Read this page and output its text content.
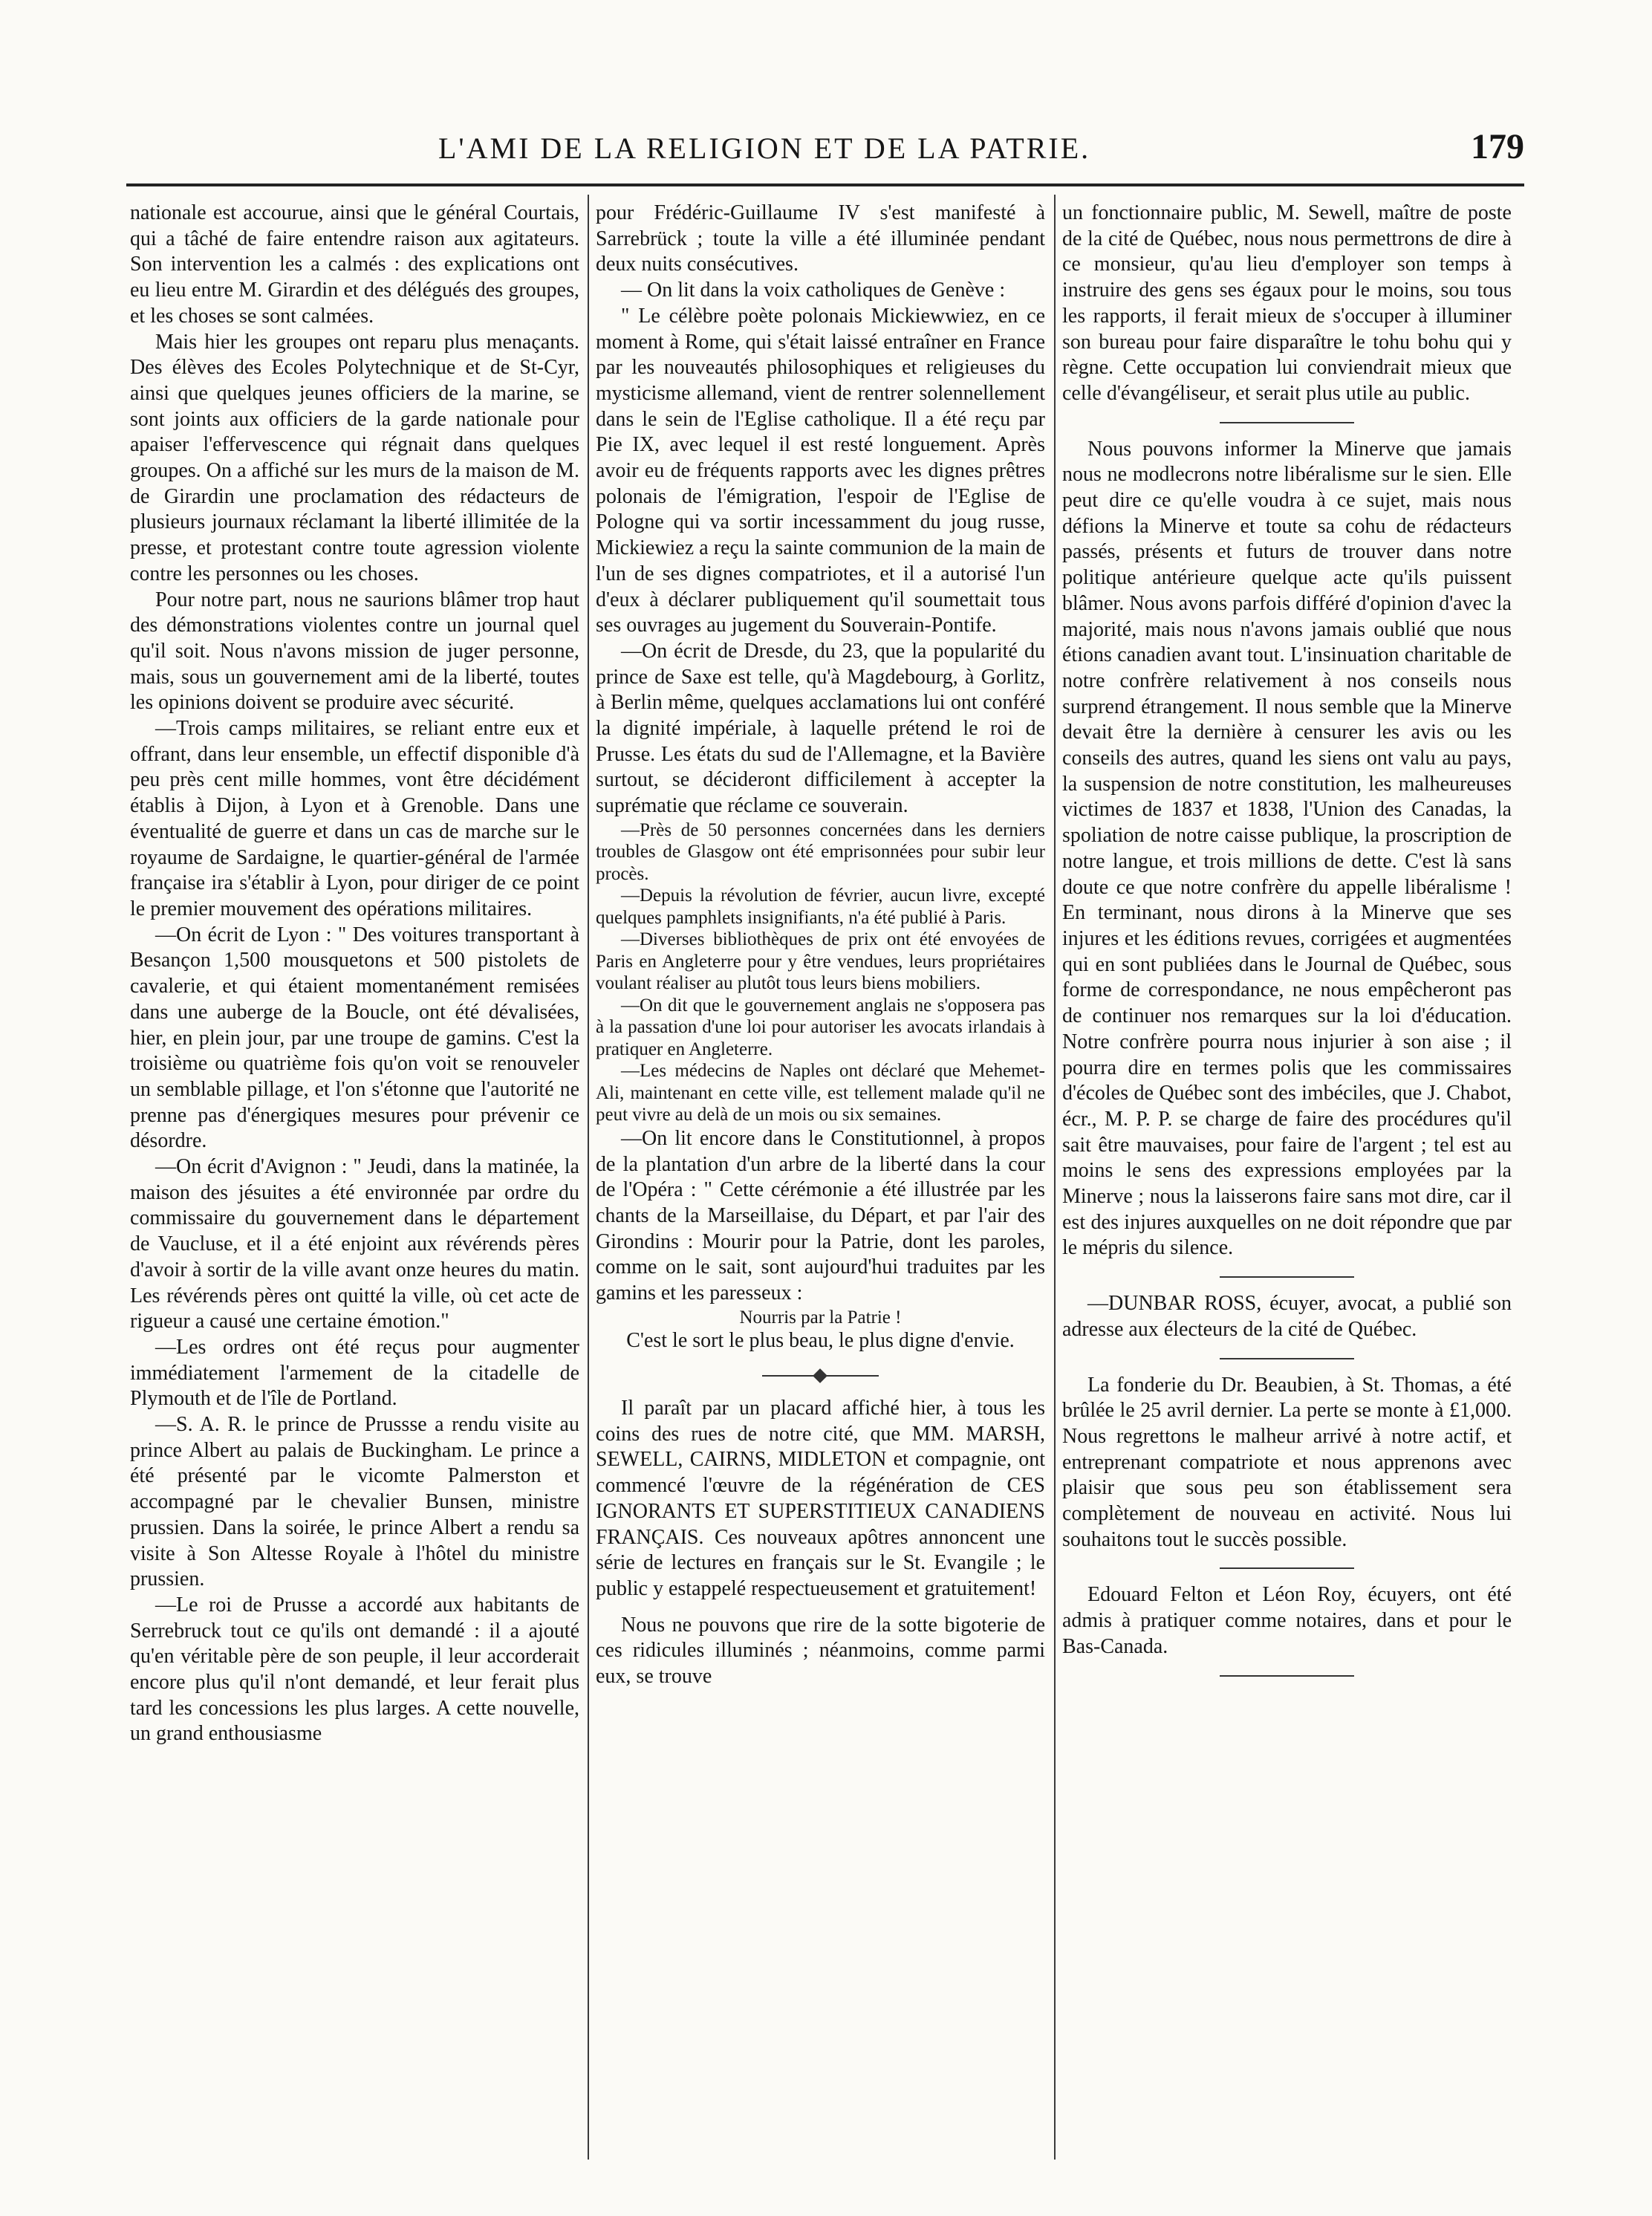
L'AMI DE LA RELIGION ET DE LA PATRIE.	179

nationale est accourue, ainsi que le général Courtais, qui a tâché de faire entendre raison aux agitateurs. Son intervention les a calmés : des explications ont eu lieu entre M. Girardin et des délégués des groupes, et les choses se sont calmées.

Mais hier les groupes ont reparu plus menaçants. Des élèves des Ecoles Polytechnique et de St-Cyr, ainsi que quelques jeunes officiers de la marine, se sont joints aux officiers de la garde nationale pour apaiser l'effervescence qui régnait dans quelques groupes. On a affiché sur les murs de la maison de M. de Girardin une proclamation des rédacteurs de plusieurs journaux réclamant la liberté illimitée de la presse, et protestant contre toute agression violente contre les personnes ou les choses.

Pour notre part, nous ne saurions blâmer trop haut des démonstrations violentes contre un journal quel qu'il soit. Nous n'avons mission de juger personne, mais, sous un gouvernement ami de la liberté, toutes les opinions doivent se produire avec sécurité.

—Trois camps militaires, se reliant entre eux et offrant, dans leur ensemble, un effectif disponible d'à peu près cent mille hommes, vont être décidément établis à Dijon, à Lyon et à Grenoble. Dans une éventualité de guerre et dans un cas de marche sur le royaume de Sardaigne, le quartier-général de l'armée française ira s'établir à Lyon, pour diriger de ce point le premier mouvement des opérations militaires.

—On écrit de Lyon : " Des voitures transportant à Besançon 1,500 mousquetons et 500 pistolets de cavalerie, et qui étaient momentanément remisées dans une auberge de la Boucle, ont été dévalisées, hier, en plein jour, par une troupe de gamins. C'est la troisième ou quatrième fois qu'on voit se renouveler un semblable pillage, et l'on s'étonne que l'autorité ne prenne pas d'énergiques mesures pour prévenir ce désordre.

—On écrit d'Avignon : " Jeudi, dans la matinée, la maison des jésuites a été environnée par ordre du commissaire du gouvernement dans le département de Vaucluse, et il a été enjoint aux révérends pères d'avoir à sortir de la ville avant onze heures du matin. Les révérends pères ont quitté la ville, où cet acte de rigueur a causé une certaine émotion."

—Les ordres ont été reçus pour augmenter immédiatement l'armement de la citadelle de Plymouth et de l'île de Portland.

—S. A. R. le prince de Prussse a rendu visite au prince Albert au palais de Buckingham. Le prince a été présenté par le vicomte Palmerston et accompagné par le chevalier Bunsen, ministre prussien. Dans la soirée, le prince Albert a rendu sa visite à Son Altesse Royale à l'hôtel du ministre prussien.

—Le roi de Prusse a accordé aux habitants de Serrebruck tout ce qu'ils ont demandé : il a ajouté qu'en véritable père de son peuple, il leur accorderait encore plus qu'il n'ont demandé, et leur ferait plus tard les concessions les plus larges. A cette nouvelle, un grand enthousiasme

pour Frédéric-Guillaume IV s'est manifesté à Sarrebrück ; toute la ville a été illuminée pendant deux nuits consécutives.

— On lit dans la voix catholiques de Genève :

" Le célèbre poète polonais Mickiewwiez, en ce moment à Rome, qui s'était laissé entraîner en France par les nouveautés philosophiques et religieuses du mysticisme allemand, vient de rentrer solennellement dans le sein de l'Eglise catholique. Il a été reçu par Pie IX, avec lequel il est resté longuement. Après avoir eu de fréquents rapports avec les dignes prêtres polonais de l'émigration, l'espoir de l'Eglise de Pologne qui va sortir incessamment du joug russe, Mickiewiez a reçu la sainte communion de la main de l'un de ses dignes compatriotes, et il a autorisé l'un d'eux à déclarer publiquement qu'il soumettait tous ses ouvrages au jugement du Souverain-Pontife.

—On écrit de Dresde, du 23, que la popularité du prince de Saxe est telle, qu'à Magdebourg, à Gorlitz, à Berlin même, quelques acclamations lui ont conféré la dignité impériale, à laquelle prétend le roi de Prusse. Les états du sud de l'Allemagne, et la Bavière surtout, se décideront difficilement à accepter la suprématie que réclame ce souverain.

—Près de 50 personnes concernées dans les derniers troubles de Glasgow ont été emprisonnées pour subir leur procès.

—Depuis la révolution de février, aucun livre, excepté quelques pamphlets insignifiants, n'a été publié à Paris.

—Diverses bibliothèques de prix ont été envoyées de Paris en Angleterre pour y être vendues, leurs propriétaires voulant réaliser au plutôt tous leurs biens mobiliers.

—On dit que le gouvernement anglais ne s'opposera pas à la passation d'une loi pour autoriser les avocats irlandais à pratiquer en Angleterre.

—Les médecins de Naples ont déclaré que Mehemet-Ali, maintenant en cette ville, est tellement malade qu'il ne peut vivre au delà de un mois ou six semaines.

—On lit encore dans le Constitutionnel, à propos de la plantation d'un arbre de la liberté dans la cour de l'Opéra : " Cette cérémonie a été illustrée par les chants de la Marseillaise, du Départ, et par l'air des Girondins : Mourir pour la Patrie, dont les paroles, comme on le sait, sont aujourd'hui traduites par les gamins et les paresseux :

Nourris par la Patrie !

C'est le sort le plus beau, le plus digne d'envie.

Il paraît par un placard affiché hier, à tous les coins des rues de notre cité, que MM. MARSH, SEWELL, CAIRNS, MIDLETON et compagnie, ont commencé l'œuvre de la régénération de CES IGNORANTS ET SUPERSTITIEUX CANADIENS FRANÇAIS. Ces nouveaux apôtres annoncent une série de lectures en français sur le St. Evangile ; le public y estappelé respectueusement et gratuitement!

Nous ne pouvons que rire de la sotte bigoterie de ces ridicules illuminés ; néanmoins, comme parmi eux, se trouve

un fonctionnaire public, M. Sewell, maître de poste de la cité de Québec, nous nous permettrons de dire à ce monsieur, qu'au lieu d'employer son temps à instruire des gens ses égaux pour le moins, sou tous les rapports, il ferait mieux de s'occuper à illuminer son bureau pour faire disparaître le tohu bohu qui y règne. Cette occupation lui conviendrait mieux que celle d'évangéliseur, et serait plus utile au public.

Nous pouvons informer la Minerve que jamais nous ne modlecrons notre libéralisme sur le sien. Elle peut dire ce qu'elle voudra à ce sujet, mais nous défions la Minerve et toute sa cohu de rédacteurs passés, présents et futurs de trouver dans notre politique antérieure quelque acte qu'ils puissent blâmer. Nous avons parfois différé d'opinion d'avec la majorité, mais nous n'avons jamais oublié que nous étions canadien avant tout. L'insinuation charitable de notre confrère relativement à nos conseils nous surprend étrangement. Il nous semble que la Minerve devait être la dernière à censurer les avis ou les conseils des autres, quand les siens ont valu au pays, la suspension de notre constitution, les malheureuses victimes de 1837 et 1838, l'Union des Canadas, la spoliation de notre caisse publique, la proscription de notre langue, et trois millions de dette. C'est là sans doute ce que notre confrère du appelle libéralisme ! En terminant, nous dirons à la Minerve que ses injures et les éditions revues, corrigées et augmentées qui en sont publiées dans le Journal de Québec, sous forme de correspondance, ne nous empêcheront pas de continuer nos remarques sur la loi d'éducation. Notre confrère pourra nous injurier à son aise ; il pourra dire en termes polis que les commissaires d'écoles de Québec sont des imbéciles, que J. Chabot, écr., M. P. P. se charge de faire des procédures qu'il sait être mauvaises, pour faire de l'argent ; tel est au moins le sens des expressions employées par la Minerve ; nous la laisserons faire sans mot dire, car il est des injures auxquelles on ne doit répondre que par le mépris du silence.

—DUNBAR ROSS, écuyer, avocat, a publié son adresse aux électeurs de la cité de Québec.

La fonderie du Dr. Beaubien, à St. Thomas, a été brûlée le 25 avril dernier. La perte se monte à £1,000. Nous regrettons le malheur arrivé à notre actif, et entreprenant compatriote et nous apprenons avec plaisir que sous peu son établissement sera complètement de nouveau en activité. Nous lui souhaitons tout le succès possible.

Edouard Felton et Léon Roy, écuyers, ont été admis à pratiquer comme notaires, dans et pour le Bas-Canada.
